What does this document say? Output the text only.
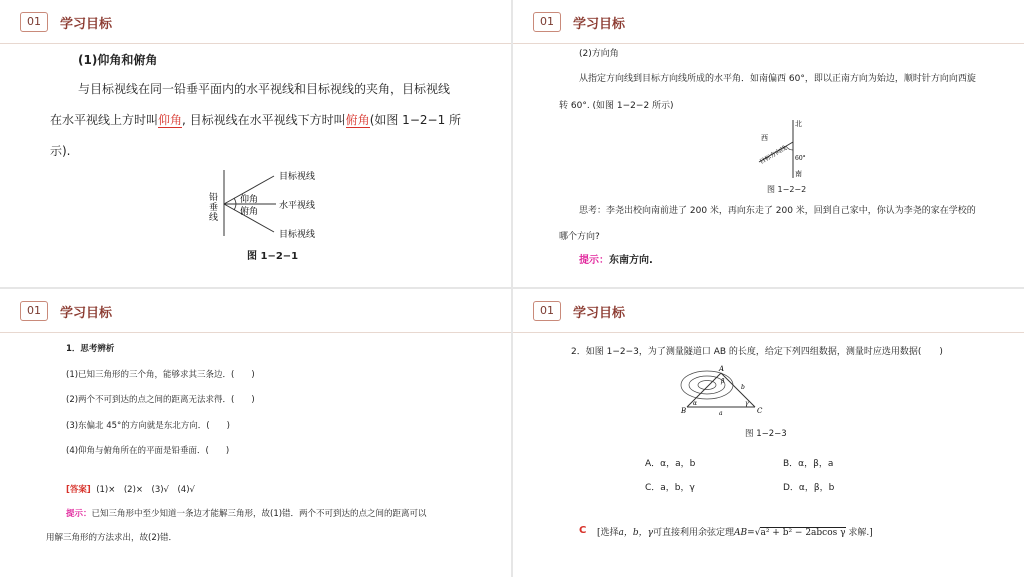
01	学习目标
(1)仰角和俯角
与目标视线在同一铅垂平面内的水平视线和目标视线的夹角，目标视线
在水平视线上方时叫仰角, 目标视线在水平视线下方时叫俯角(如图 1−2−1 所
示).
铅
垂
线
仰角
俯角
目标视线
水平视线
目标视线
图 1−2−1
01	学习目标
(2)方向角
从指定方向线到目标方向线所成的水平角．如南偏西 60°，即以正南方向为始边，顺时针方向向西旋
转 60°. (如图 1−2−2 所示)
北
西
60°
南
目标方向线
图 1−2−2
思考：李尧出校向南前进了 200 米，再向东走了 200 米，回到自己家中，你认为李尧的家在学校的
哪个方向?
提示：东南方向.
01	学习目标
1．思考辨析
(1)已知三角形的三个角，能够求其三条边．(　　)
(2)两个不可到达的点之间的距离无法求得．(　　)
(3)东偏北 45°的方向就是东北方向．(　　)
(4)仰角与俯角所在的平面是铅垂面．(　　)
[答案] (1)×　(2)×　(3)√　(4)√
提示：已知三角形中至少知道一条边才能解三角形，故(1)错．两个不可到达的点之间的距离可以
用解三角形的方法求出，故(2)错．
01	学习目标
2．如图 1−2−3，为了测量隧道口 AB 的长度，给定下列四组数据，测量时应选用数据(　　)
B
A
C
a
b
α
β
γ
图 1−2−3
A．α，a，b	B．α，β，a
C．a，b，γ	D．α，β，b
C [选择a，b，γ可直接利用余弦定理AB=√a² + b² − 2abcos γ 求解.]
